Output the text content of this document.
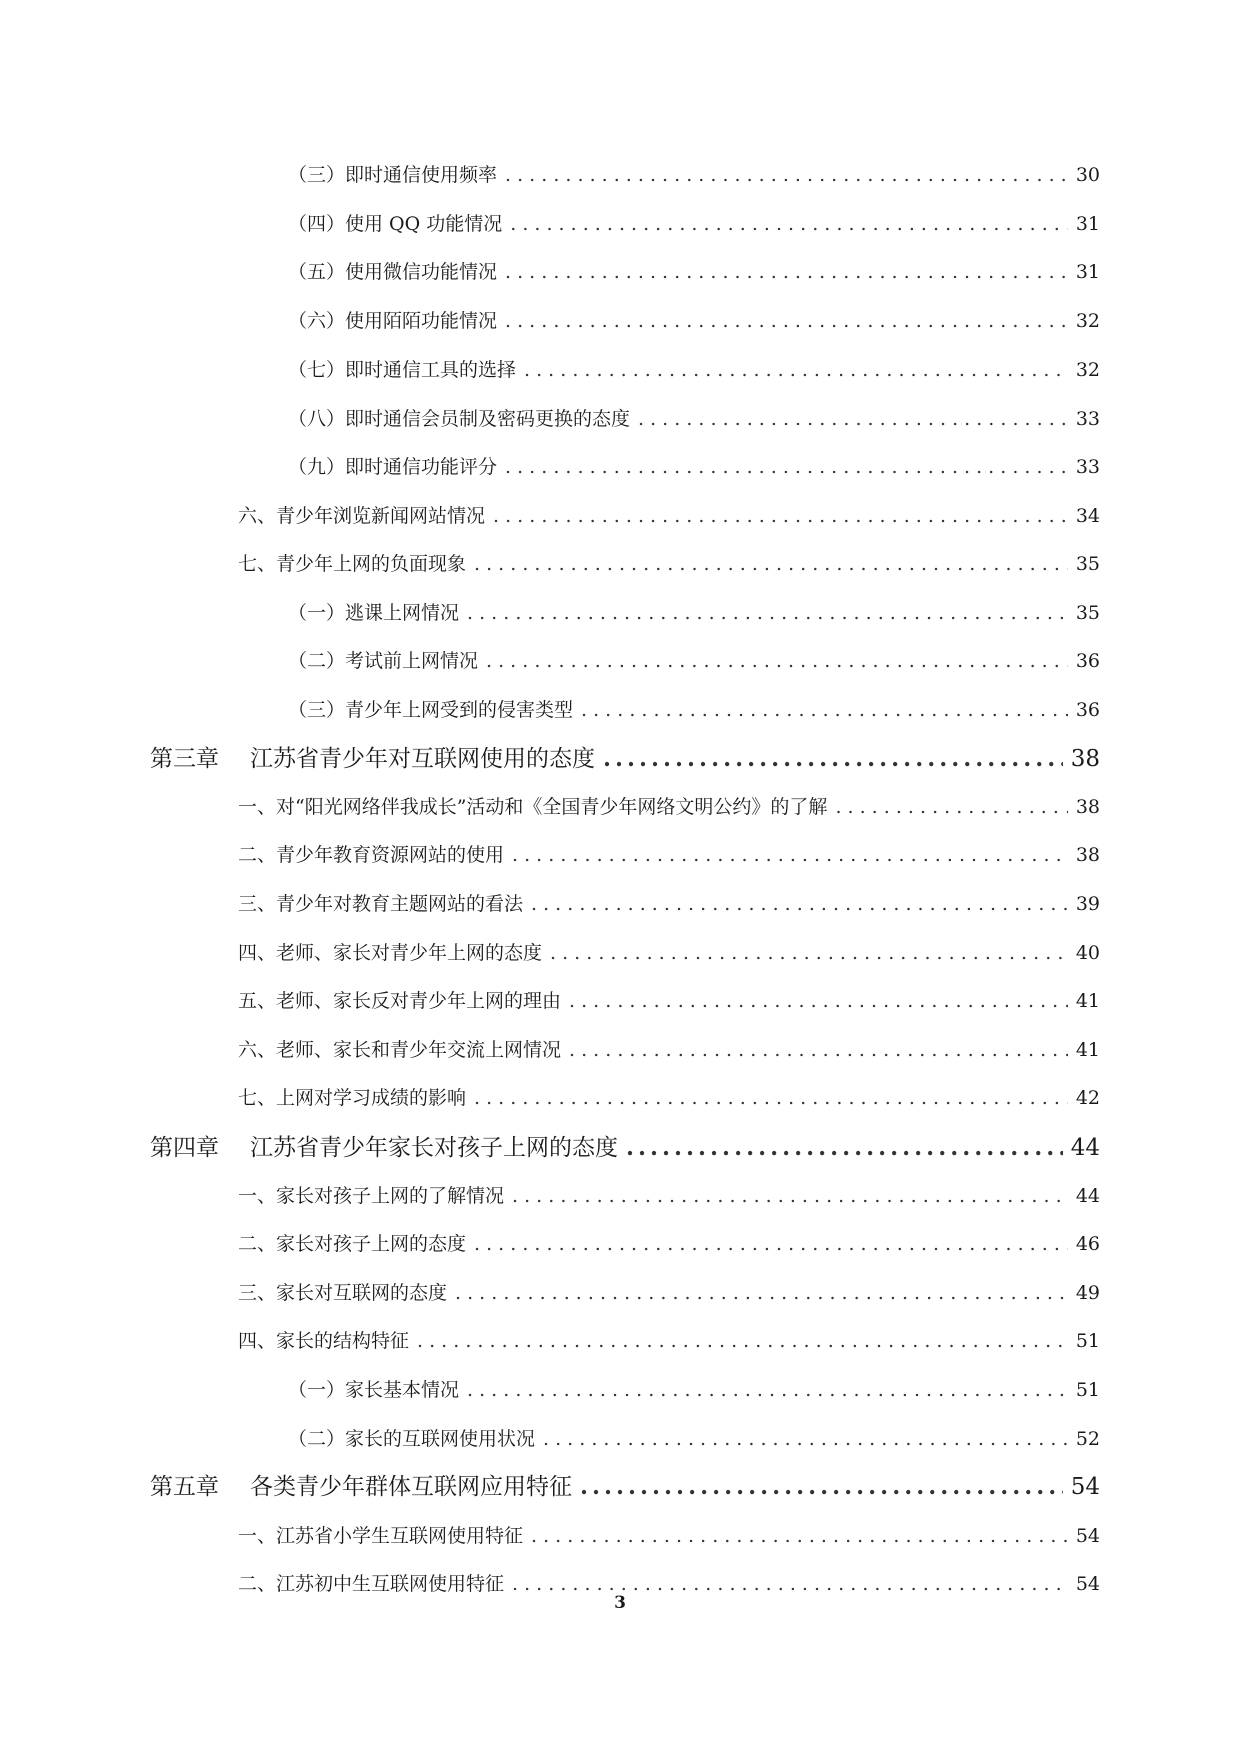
（三）即时通信使用频率 . . .	30
（四）使用 QQ 功能情况 . . .	31
（五）使用微信功能情况 . . .	31
（六）使用陌陌功能情况 . . .	32
（七）即时通信工具的选择 . . .	32
（八）即时通信会员制及密码更换的态度 . . .	33
（九）即时通信功能评分 . . .	33
六、青少年浏览新闻网站情况 . . .	34
七、青少年上网的负面现象 . . .	35
（一）逃课上网情况 . . .	35
（二）考试前上网情况 . . .	36
（三）青少年上网受到的侵害类型 . . .	36
第三章 江苏省青少年对互联网使用的态度 .....	38
一、对“阳光网络伴我成长”活动和《全国青少年网络文明公约》的了解 . . .	38
二、青少年教育资源网站的使用 . . .	38
三、青少年对教育主题网站的看法 . . .	39
四、老师、家长对青少年上网的态度 . . .	40
五、老师、家长反对青少年上网的理由 . . .	41
六、老师、家长和青少年交流上网情况 . . .	41
七、上网对学习成绩的影响 . . .	42
第四章 江苏省青少年家长对孩子上网的态度 .....	44
一、家长对孩子上网的了解情况 . . .	44
二、家长对孩子上网的态度 . . .	46
三、家长对互联网的态度 . . .	49
四、家长的结构特征 . . .	51
（一）家长基本情况 . . .	51
（二）家长的互联网使用状况 . . .	52
第五章 各类青少年群体互联网应用特征 .....	54
一、江苏省小学生互联网使用特征 . . .	54
二、江苏初中生互联网使用特征 . . .	54
3
